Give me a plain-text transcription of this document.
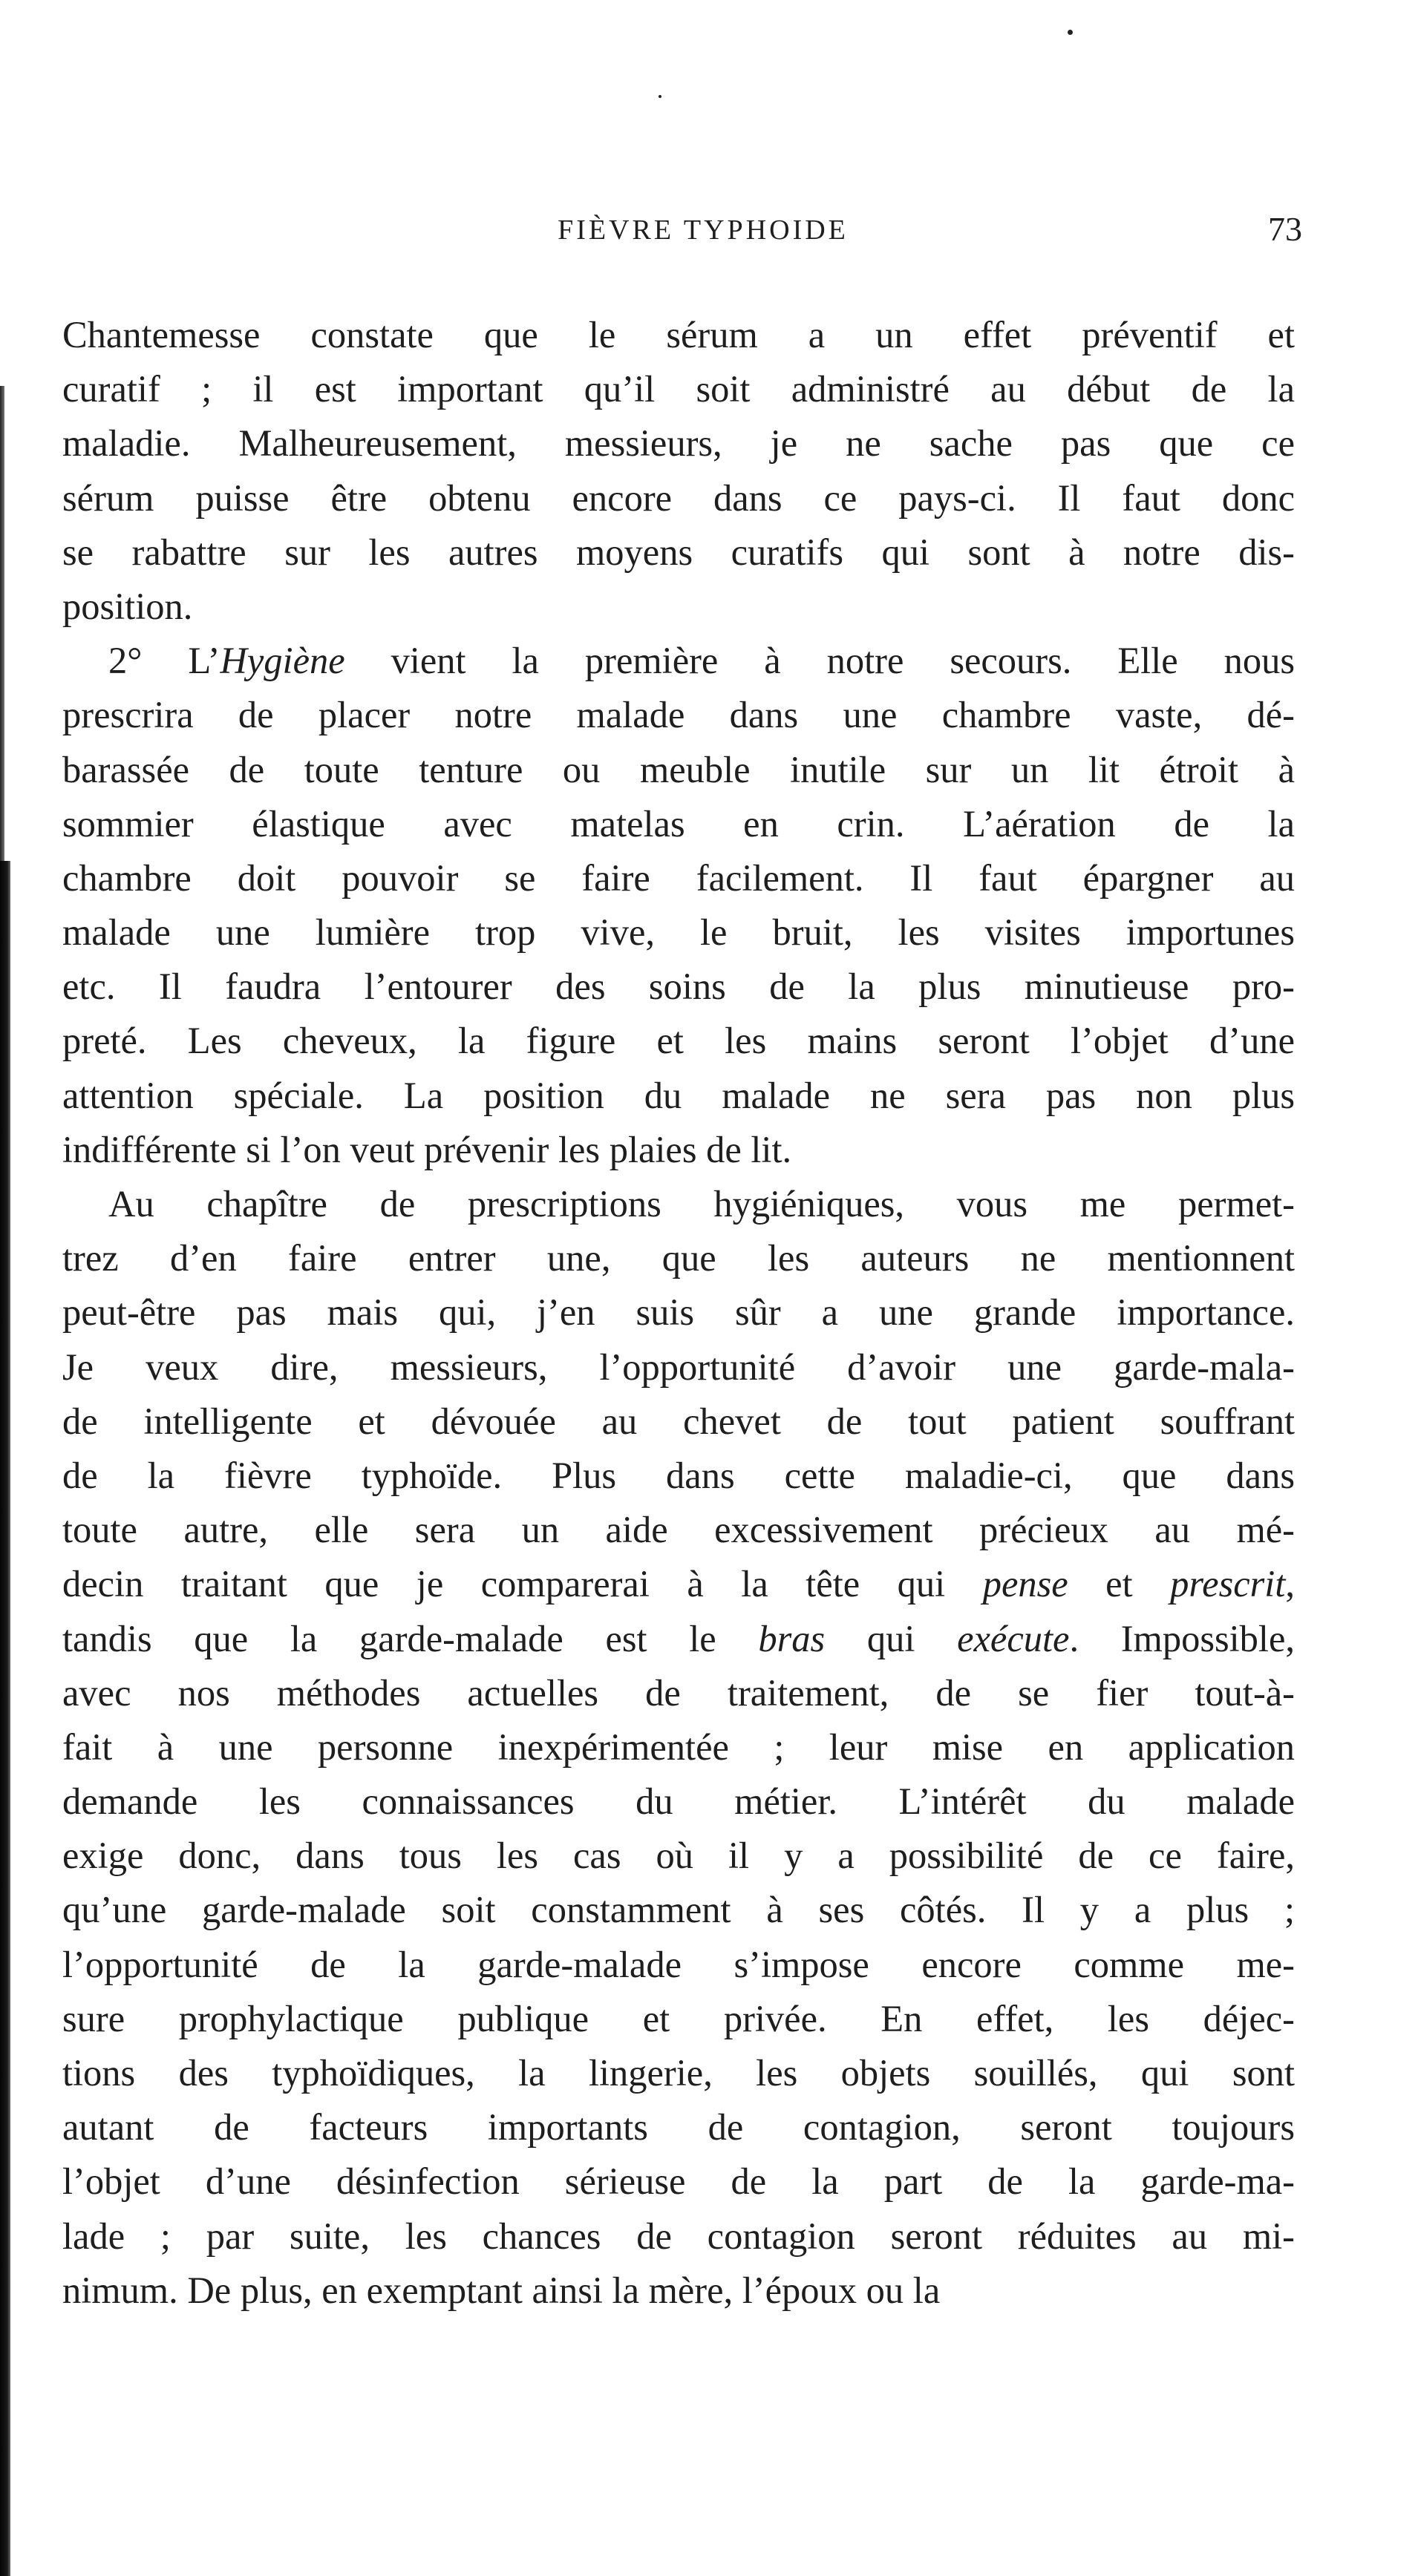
FIÈVRE TYPHOIDE	73
Chantemesse constate que le sérum a un effet préventif et
curatif ; il est important qu’il soit administré au début de la
maladie. Malheureusement, messieurs, je ne sache pas que ce
sérum puisse être obtenu encore dans ce pays-ci. Il faut donc
se rabattre sur les autres moyens curatifs qui sont à notre dis-
position.
2° L’Hygiène vient la première à notre secours. Elle nous
prescrira de placer notre malade dans une chambre vaste, dé-
barassée de toute tenture ou meuble inutile sur un lit étroit à
sommier élastique avec matelas en crin. L’aération de la
chambre doit pouvoir se faire facilement. Il faut épargner au
malade une lumière trop vive, le bruit, les visites importunes
etc. Il faudra l’entourer des soins de la plus minutieuse pro-
preté. Les cheveux, la figure et les mains seront l’objet d’une
attention spéciale. La position du malade ne sera pas non plus
indifférente si l’on veut prévenir les plaies de lit.
Au chapître de prescriptions hygiéniques, vous me permet-
trez d’en faire entrer une, que les auteurs ne mentionnent
peut-être pas mais qui, j’en suis sûr a une grande importance.
Je veux dire, messieurs, l’opportunité d’avoir une garde-mala-
de intelligente et dévouée au chevet de tout patient souffrant
de la fièvre typhoïde. Plus dans cette maladie-ci, que dans
toute autre, elle sera un aide excessivement précieux au mé-
decin traitant que je comparerai à la tête qui pense et prescrit,
tandis que la garde-malade est le bras qui exécute. Impossible,
avec nos méthodes actuelles de traitement, de se fier tout-à-
fait à une personne inexpérimentée ; leur mise en application
demande les connaissances du métier. L’intérêt du malade
exige donc, dans tous les cas où il y a possibilité de ce faire,
qu’une garde-malade soit constamment à ses côtés. Il y a plus ;
l’opportunité de la garde-malade s’impose encore comme me-
sure prophylactique publique et privée. En effet, les déjec-
tions des typhoïdiques, la lingerie, les objets souillés, qui sont
autant de facteurs importants de contagion, seront toujours
l’objet d’une désinfection sérieuse de la part de la garde-ma-
lade ; par suite, les chances de contagion seront réduites au mi-
nimum. De plus, en exemptant ainsi la mère, l’époux ou la
